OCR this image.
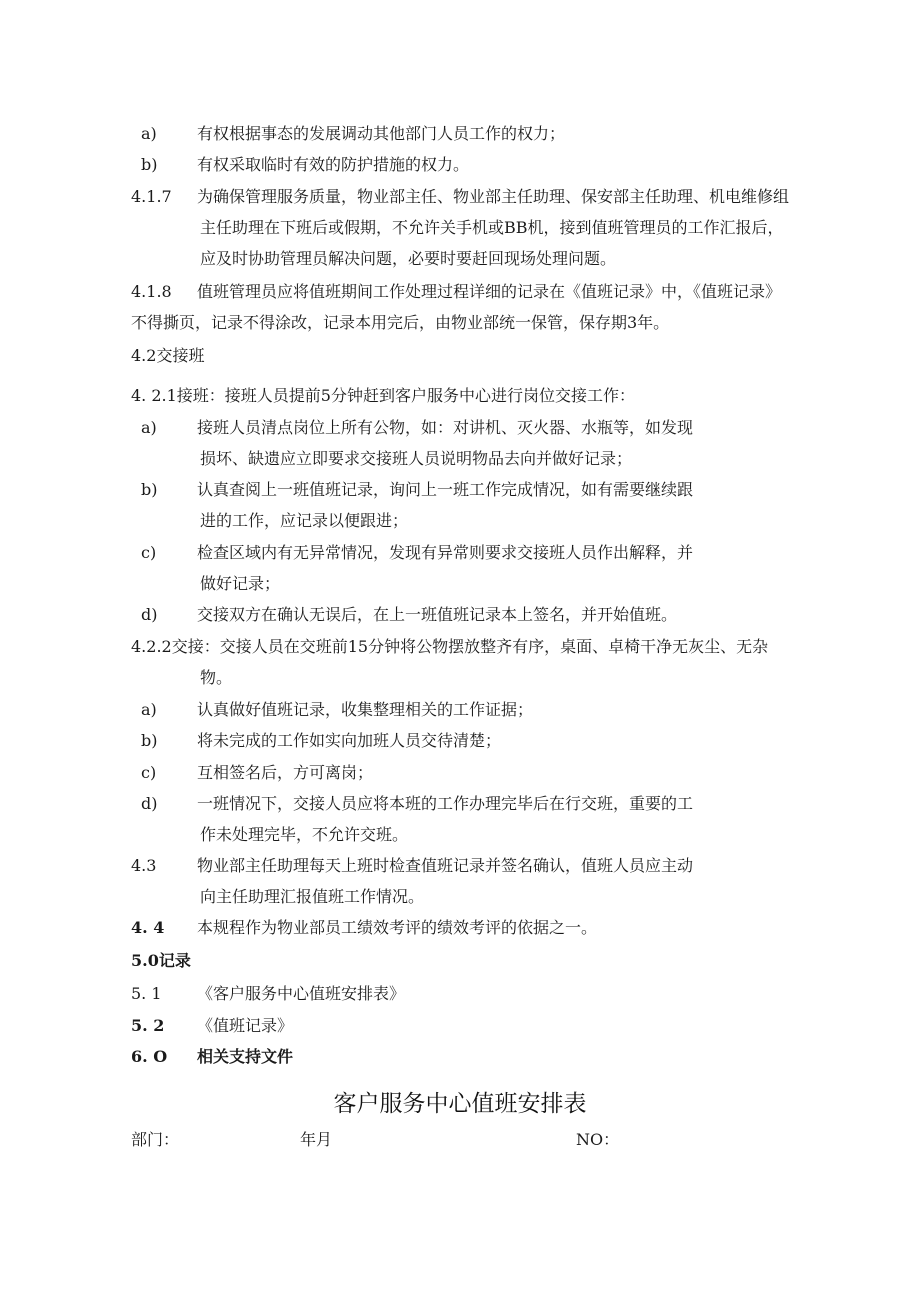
a)	有权根据事态的发展调动其他部门人员工作的权力；
b) 有权采取临时有效的防护措施的权力。
4.1.7 为确保管理服务质量，物业部主任、物业部主任助理、保安部主任助理、机电维修组
主任助理在下班后或假期，不允许关手机或BB机，接到值班管理员的工作汇报后，
应及时协助管理员解决问题，必要时要赶回现场处理问题。
4.1.8 值班管理员应将值班期间工作处理过程详细的记录在《值班记录》中，《值班记录》
不得撕页，记录不得涂改，记录本用完后，由物业部统一保管，保存期3年。
4.2交接班
4. 2.1接班：接班人员提前5分钟赶到客户服务中心进行岗位交接工作：
a)	接班人员清点岗位上所有公物，如：对讲机、灭火器、水瓶等，如发现
损坏、缺遗应立即要求交接班人员说明物品去向并做好记录；
b) 认真查阅上一班值班记录，询问上一班工作完成情况，如有需要继续跟
进的工作，应记录以便跟进；
c)	检查区域内有无异常情况，发现有异常则要求交接班人员作出解释，并
做好记录；
d) 交接双方在确认无误后，在上一班值班记录本上签名，并开始值班。
4.2.2交接：交接人员在交班前15分钟将公物摆放整齐有序，桌面、卓椅干净无灰尘、无杂
物。
a)	认真做好值班记录，收集整理相关的工作证据；
b) 将未完成的工作如实向加班人员交待清楚；
c)	互相签名后，方可离岗；
d) 一班情况下，交接人员应将本班的工作办理完毕后在行交班，重要的工
作未处理完毕，不允许交班。
4.3	物业部主任助理每天上班时检查值班记录并签名确认，值班人员应主动
向主任助理汇报值班工作情况。
4. 4 本规程作为物业部员工绩效考评的绩效考评的依据之一。
5.0记录
5. 1 《客户服务中心值班安排表》
5. 2 《值班记录》
6. O 相关支持文件
客户服务中心值班安排表
部门：	年月	NO：
